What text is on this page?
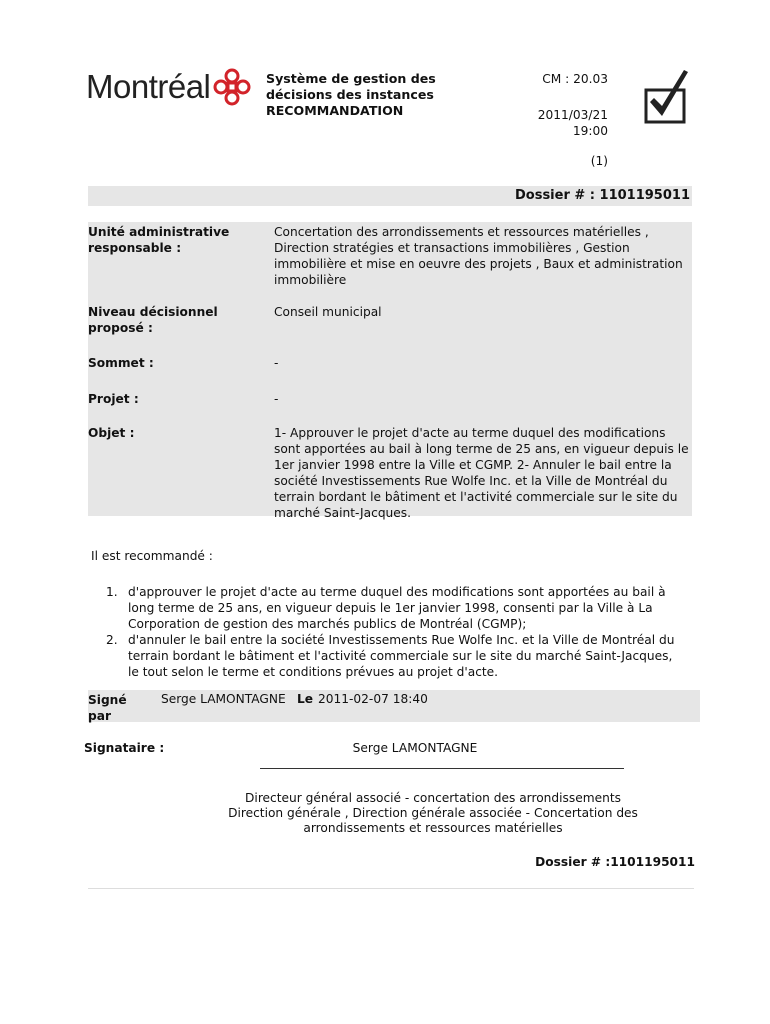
Montréal	Système de gestion des
décisions des instances
RECOMMANDATION
CM : 20.03
2011/03/21
19:00
(1)
Dossier # : 1101195011
Unité administrative responsable :
Concertation des arrondissements et ressources matérielles , Direction stratégies et transactions immobilières , Gestion immobilière et mise en oeuvre des projets , Baux et administration immobilière
Niveau décisionnel proposé :
Conseil municipal
Sommet :	-
Projet :	-
Objet :	1- Approuver le projet d'acte au terme duquel des modifications sont apportées au bail à long terme de 25 ans, en vigueur depuis le 1er janvier 1998 entre la Ville et CGMP. 2- Annuler le bail entre la société Investissements Rue Wolfe Inc. et la Ville de Montréal du terrain bordant le bâtiment et l'activité commerciale sur le site du marché Saint-Jacques.
Il est recommandé :
1. d'approuver le projet d'acte au terme duquel des modifications sont apportées au bail à long terme de 25 ans, en vigueur depuis le 1er janvier 1998, consenti par la Ville à La Corporation de gestion des marchés publics de Montréal (CGMP);
2. d'annuler le bail entre la société Investissements Rue Wolfe Inc. et la Ville de Montréal du terrain bordant le bâtiment et l'activité commerciale sur le site du marché Saint-Jacques, le tout selon le terme et conditions prévues au projet d'acte.
Signé par
Serge LAMONTAGNE Le 2011-02-07 18:40
Signataire :	Serge LAMONTAGNE
Directeur général associé - concertation des arrondissements Direction générale , Direction générale associée - Concertation des arrondissements et ressources matérielles
Dossier # :1101195011
